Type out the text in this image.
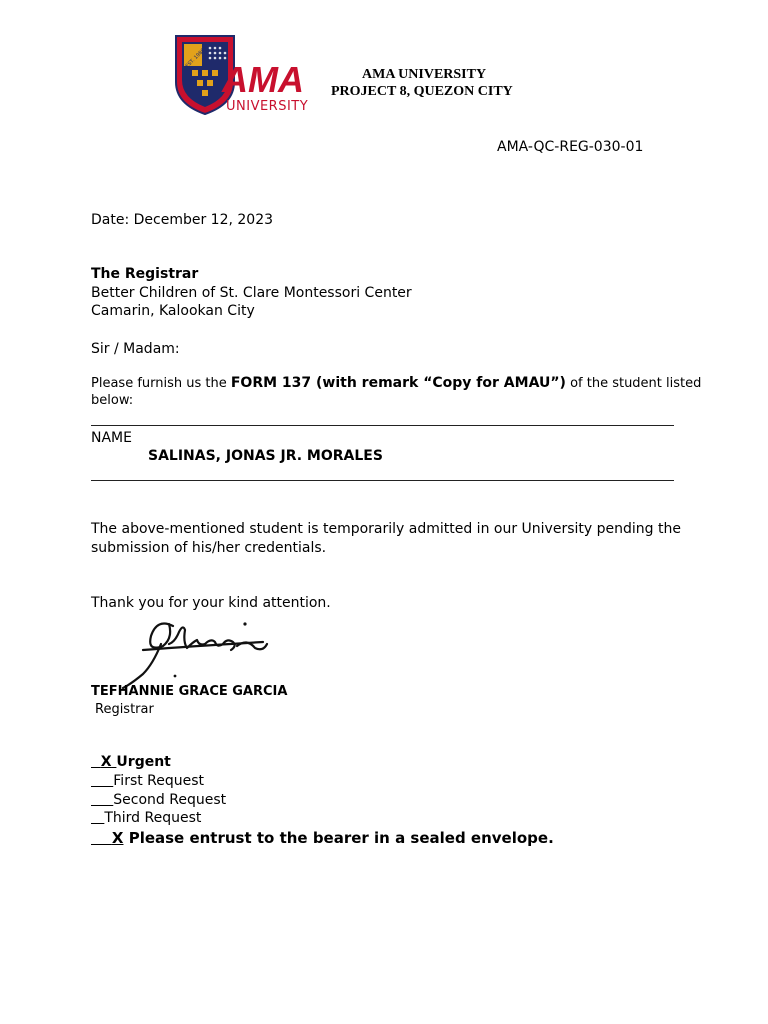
EST. 1980
AMA
UNIVERSITY
AMA UNIVERSITY
PROJECT 8, QUEZON CITY
AMA-QC-REG-030-01
Date: December 12, 2023
The Registrar
Better Children of St. Clare Montessori Center
Camarin, Kalookan City
Sir / Madam:
Please furnish us the FORM 137 (with remark “Copy for AMAU”) of the student listed
below:
NAME
SALINAS, JONAS JR. MORALES
The above-mentioned student is temporarily admitted in our University pending the
submission of his/her credentials.
Thank you for your kind attention.
TEFHANNIE GRACE GARCIA
Registrar
X Urgent
First Request
Second Request
Third Request
X Please entrust to the bearer in a sealed envelope.
